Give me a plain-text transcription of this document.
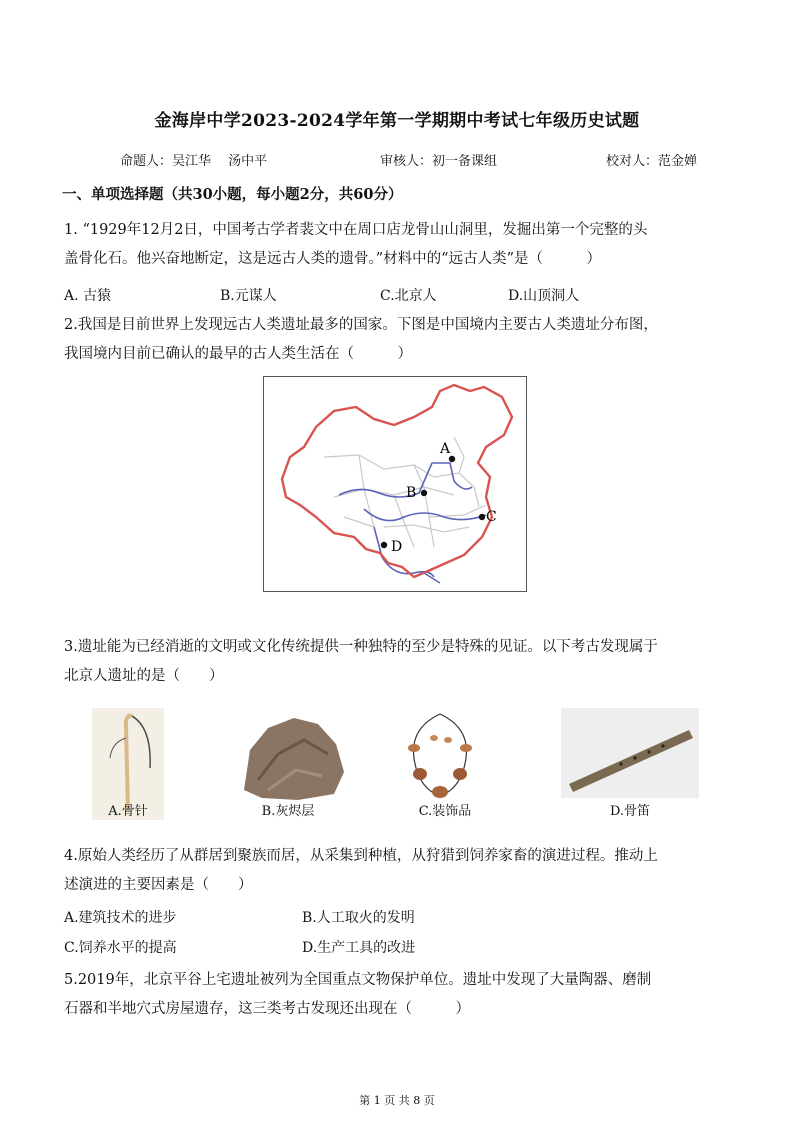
金海岸中学2023-2024学年第一学期期中考试七年级历史试题
命题人：吴江华　 汤中平	审核人：初一备课组	校对人：范金婵
一、单项选择题（共30小题，每小题2分，共60分）
1. “1929年12月2日，中国考古学者裴文中在周口店龙骨山山洞里，发掘出第一个完整的头
盖骨化石。他兴奋地断定，这是远古人类的遗骨。”材料中的“远古人类”是（　　　）
A. 古猿	B.元谋人	C.北京人	D.山顶洞人
2.我国是目前世界上发现远古人类遗址最多的国家。下图是中国境内主要古人类遗址分布图，
我国境内目前已确认的最早的古人类生活在（　　　）
A
B
C
D
3.遗址能为已经消逝的文明或文化传统提供一种独特的至少是特殊的见证。以下考古发现属于
北京人遗址的是（　　）
A.骨针	B.灰烬层	C.装饰品	D.骨笛
4.原始人类经历了从群居到聚族而居，从采集到种植，从狩猎到饲养家畜的演进过程。推动上
述演进的主要因素是（　　）
A.建筑技术的进步	B.人工取火的发明
C.饲养水平的提高	D.生产工具的改进
5.2019年，北京平谷上宅遗址被列为全国重点文物保护单位。遗址中发现了大量陶器、磨制
石器和半地穴式房屋遗存，这三类考古发现还出现在（　　　）
第 1 页 共 8 页
